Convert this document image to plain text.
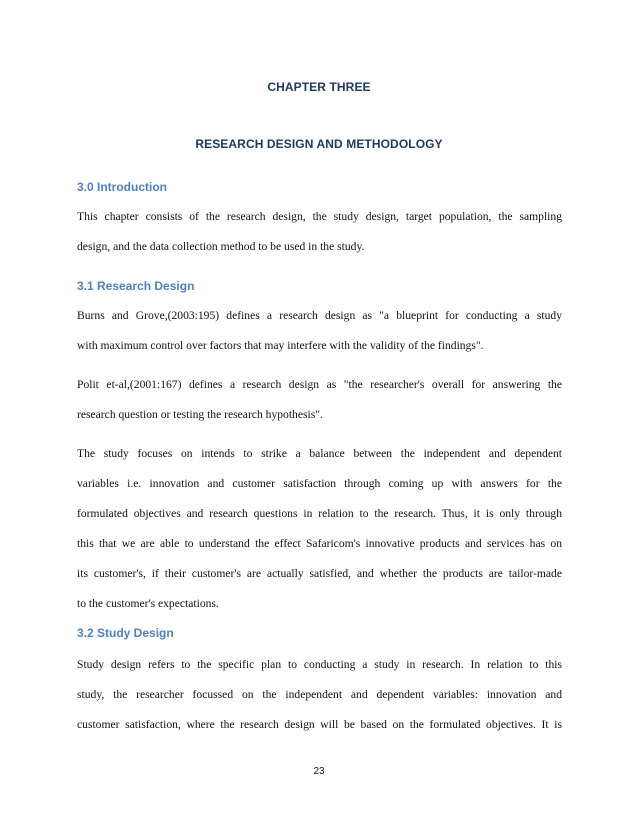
CHAPTER THREE
RESEARCH DESIGN AND METHODOLOGY
3.0 Introduction
This chapter consists of the research design, the study design, target population, the sampling
design, and the data collection method to be used in the study.
3.1 Research Design
Burns and Grove,(2003:195) defines a research design as "a blueprint for conducting a study
with maximum control over factors that may interfere with the validity of the findings".
Polit et-al,(2001:167) defines a research design as "the researcher's overall for answering the
research question or testing the research hypothesis".
The study focuses on intends to strike a balance between the independent and dependent
variables i.e. innovation and customer satisfaction through coming up with answers for the
formulated objectives and research questions in relation to the research. Thus, it is only through
this that we are able to understand the effect Safaricom's innovative products and services has on
its customer's, if their customer's are actually satisfied, and whether the products are tailor-made
to the customer's expectations.
3.2 Study Design
Study design refers to the specific plan to conducting a study in research. In relation to this
study, the researcher focussed on the independent and dependent variables: innovation and
customer satisfaction, where the research design will be based on the formulated objectives. It is
23
